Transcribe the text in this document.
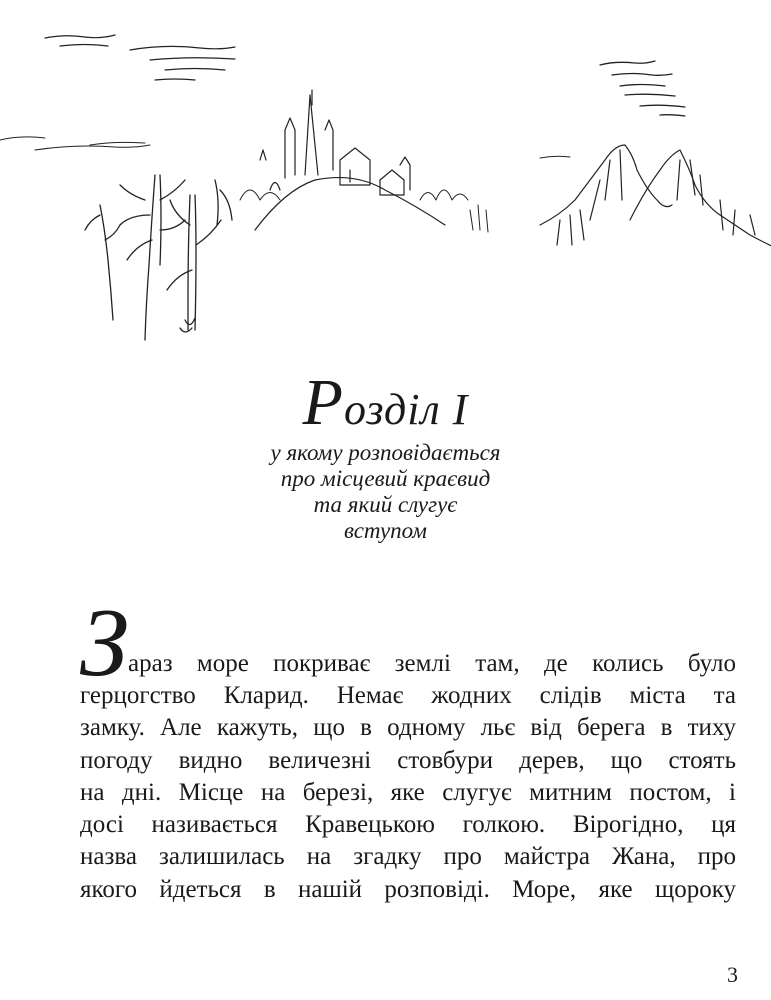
Розділ І
у якому розповідається
про місцевий краєвид
та який слугує
вступом
З араз море покриває землі там, де колись було
герцогство Кларид. Немає жодних слідів міста та
замку. Але кажуть, що в одному льє від берега в тиху
погоду видно величезні стовбури дерев, що стоять
на дні. Місце на березі, яке слугує митним постом, і
досі називається Кравецькою голкою. Вірогідно, ця
назва залишилась на згадку про майстра Жана, про
якого йдеться в нашій розповіді. Море, яке щороку
3
